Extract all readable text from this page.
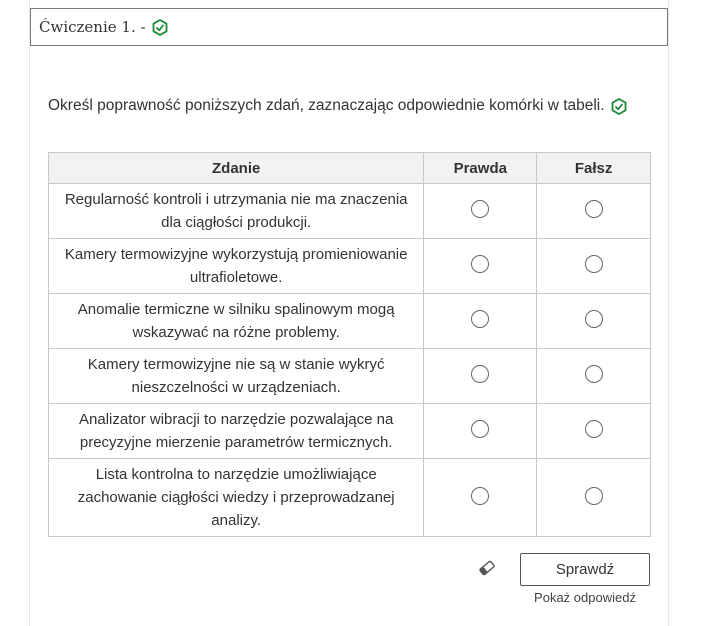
Ćwiczenie 1. -
Określ poprawność poniższych zdań, zaznaczając odpowiednie komórki w tabeli.
Zdanie	Prawda	Fałsz
Regularność kontroli i utrzymania nie ma znaczenia dla ciągłości produkcji.		
Kamery termowizyjne wykorzystują promieniowanie ultrafioletowe.		
Anomalie termiczne w silniku spalinowym mogą wskazywać na różne problemy.		
Kamery termowizyjne nie są w stanie wykryć nieszczelności w urządzeniach.		
Analizator wibracji to narzędzie pozwalające na precyzyjne mierzenie parametrów termicznych.		
Lista kontrolna to narzędzie umożliwiające zachowanie ciągłości wiedzy i przeprowadzanej analizy.		
Sprawdź
Pokaż odpowiedź
